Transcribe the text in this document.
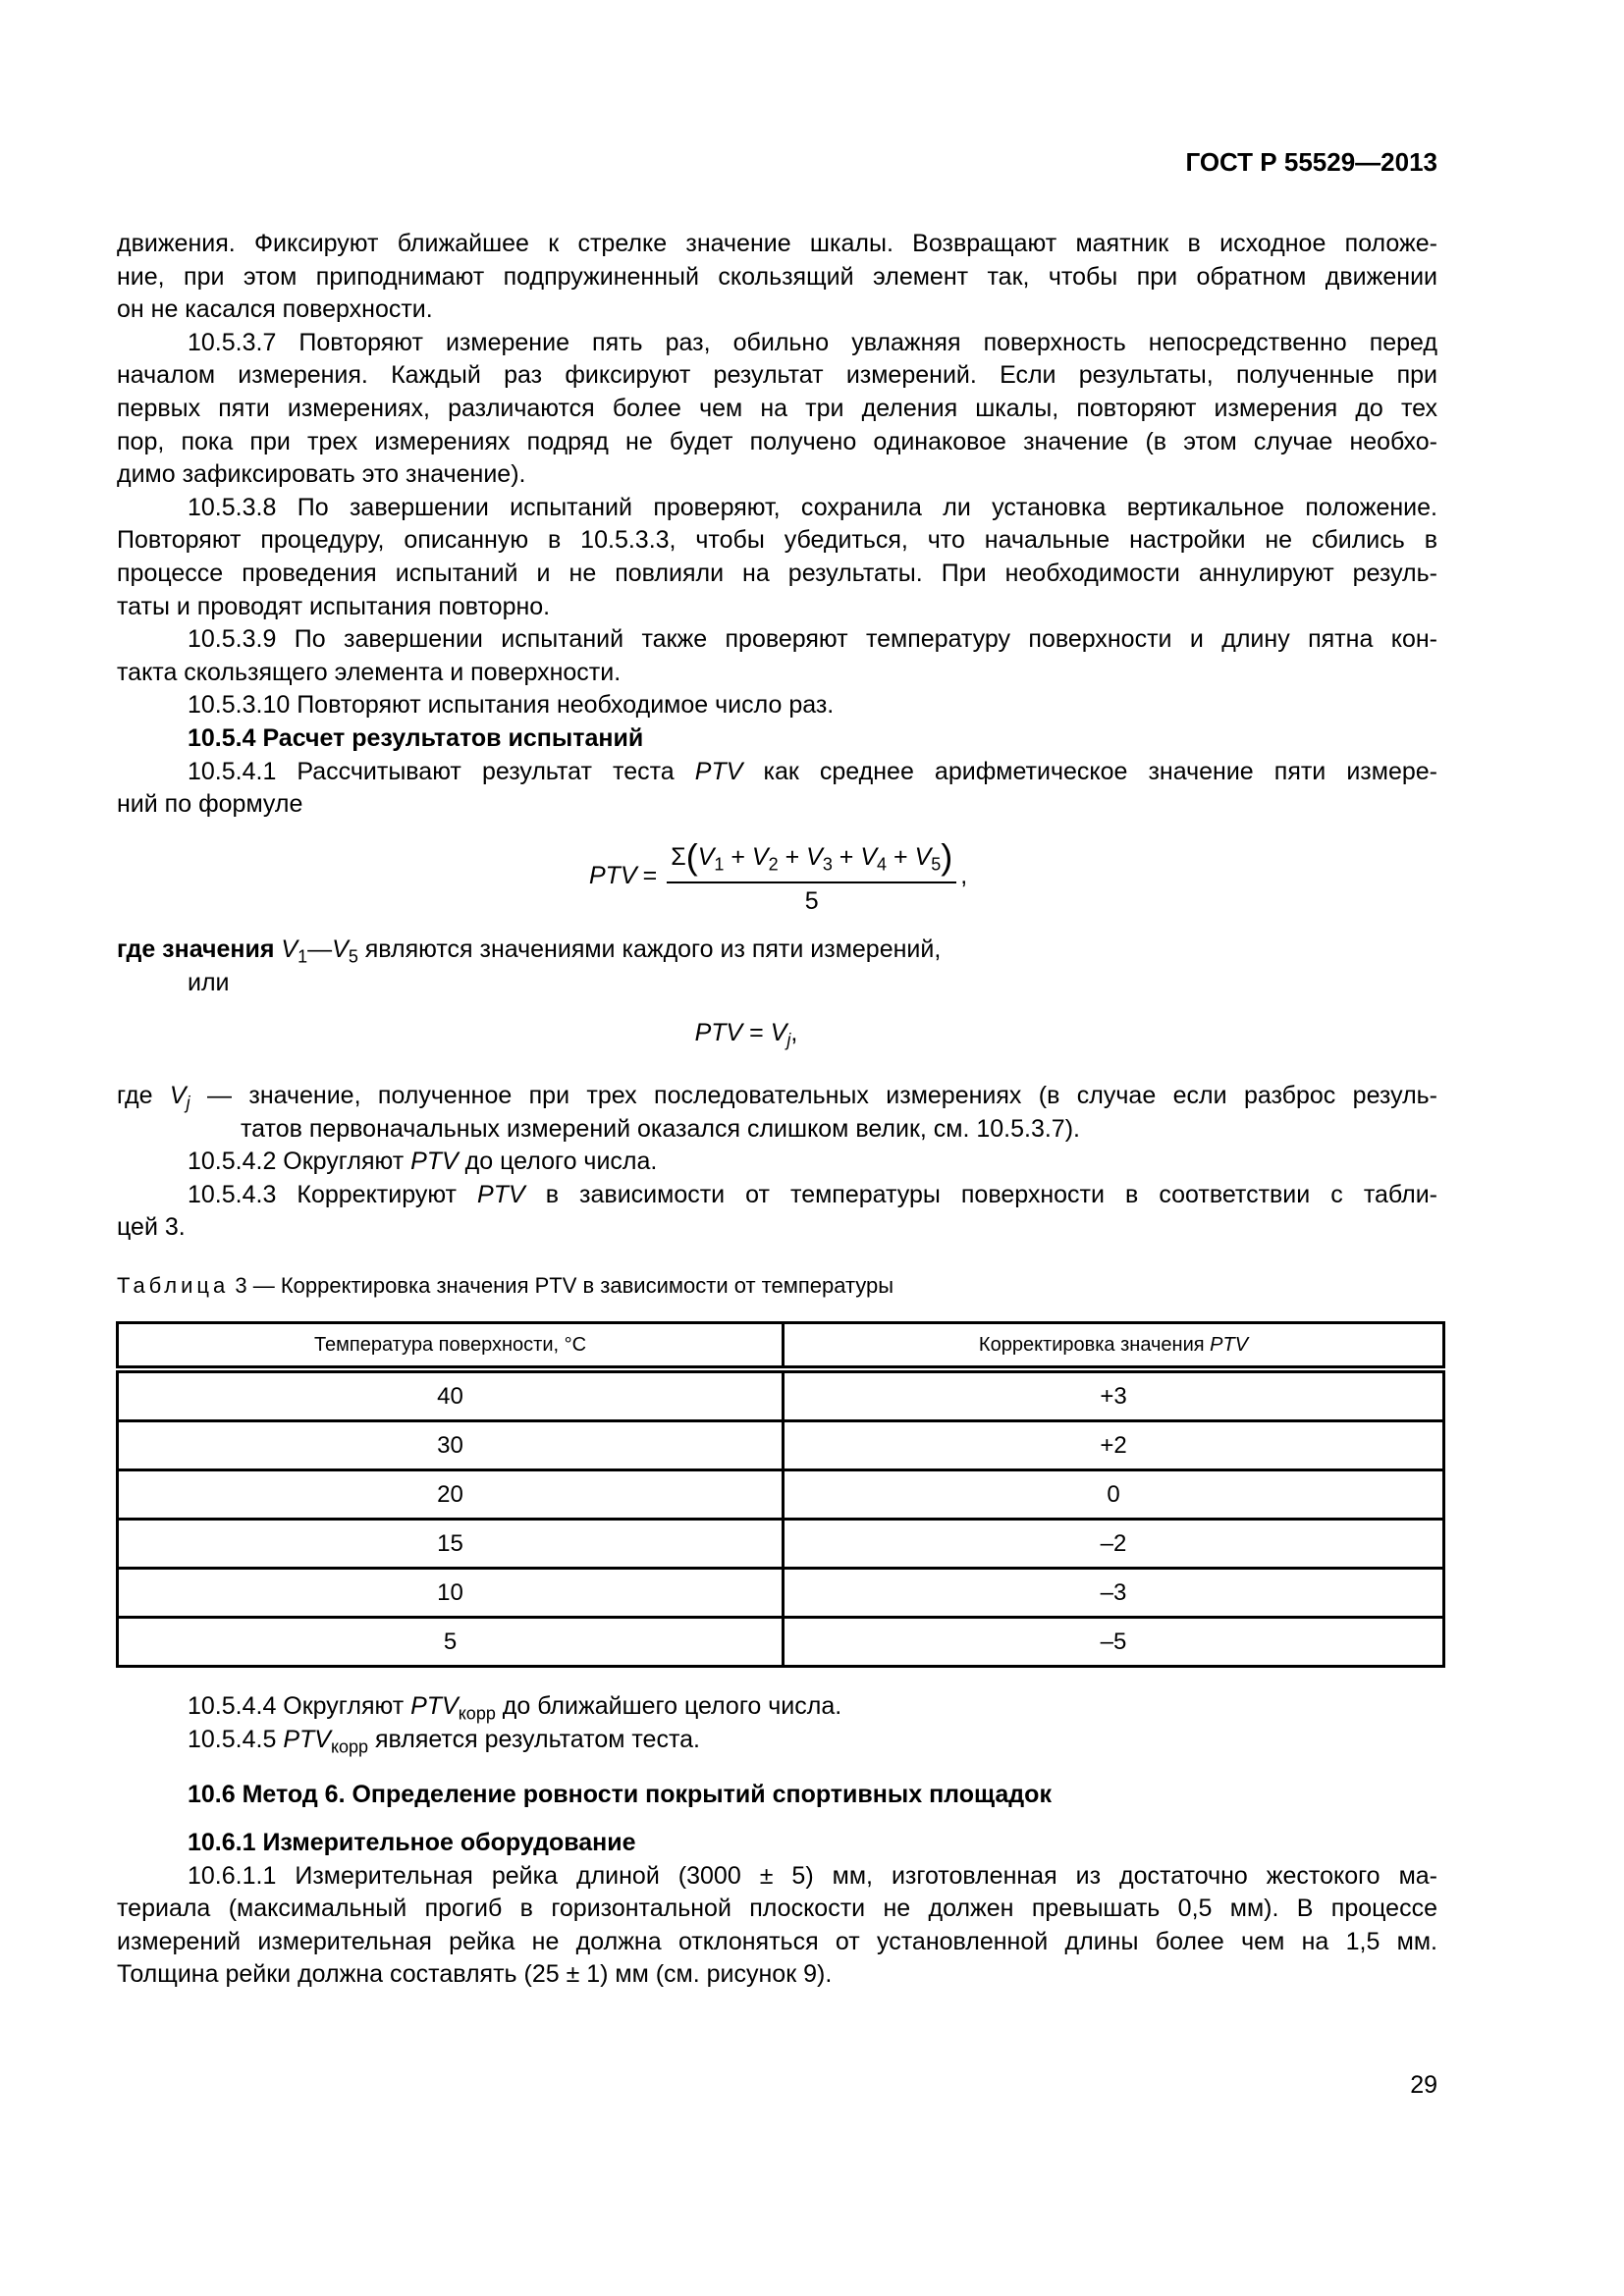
ГОСТ Р 55529—2013
движения. Фиксируют ближайшее к стрелке значение шкалы. Возвращают маятник в исходное положе-
ние, при этом приподнимают подпружиненный скользящий элемент так, чтобы при обратном движении
он не касался поверхности.
10.5.3.7 Повторяют измерение пять раз, обильно увлажняя поверхность непосредственно перед
началом измерения. Каждый раз фиксируют результат измерений. Если результаты, полученные при
первых пяти измерениях, различаются более чем на три деления шкалы, повторяют измерения до тех
пор, пока при трех измерениях подряд не будет получено одинаковое значение (в этом случае необхо-
димо зафиксировать это значение).
10.5.3.8 По завершении испытаний проверяют, сохранила ли установка вертикальное положение.
Повторяют процедуру, описанную в 10.5.3.3, чтобы убедиться, что начальные настройки не сбились в
процессе проведения испытаний и не повлияли на результаты. При необходимости аннулируют резуль-
таты и проводят испытания повторно.
10.5.3.9 По завершении испытаний также проверяют температуру поверхности и длину пятна кон-
такта скользящего элемента и поверхности.
10.5.3.10 Повторяют испытания необходимое число раз.
10.5.4 Расчет результатов испытаний
10.5.4.1 Рассчитывают результат теста PTV как среднее арифметическое значение пяти измере-
ний по формуле
PTV =
$\Sigma(V_1 + V_2 + V_3 + V_4 + V_5)$
5
,
где значения $V_1—V_5$ являются значениями каждого из пяти измерений,
или
PTV = $V_j$,
где $V_j$ — значение, полученное при трех последовательных измерениях (в случае если разброс резуль-
татов первоначальных измерений оказался слишком велик, см. 10.5.3.7).
10.5.4.2 Округляют PTV до целого числа.
10.5.4.3 Корректируют PTV в зависимости от температуры поверхности в соответствии с табли-
цей 3.
Таблица 3 — Корректировка значения PTV в зависимости от температуры
Температура поверхности, °C	Корректировка значения PTV
40	+3
30	+2
20	0
15	–2
10	–3
5	–5
10.5.4.4 Округляют $PTV_{корр}$ до ближайшего целого числа.
10.5.4.5 $PTV_{корр}$ является результатом теста.
10.6 Метод 6. Определение ровности покрытий спортивных площадок
10.6.1 Измерительное оборудование
10.6.1.1 Измерительная рейка длиной (3000 ± 5) мм, изготовленная из достаточно жестокого ма-
териала (максимальный прогиб в горизонтальной плоскости не должен превышать 0,5 мм). В процессе
измерений измерительная рейка не должна отклоняться от установленной длины более чем на 1,5 мм.
Толщина рейки должна составлять (25 ± 1) мм (см. рисунок 9).
29
